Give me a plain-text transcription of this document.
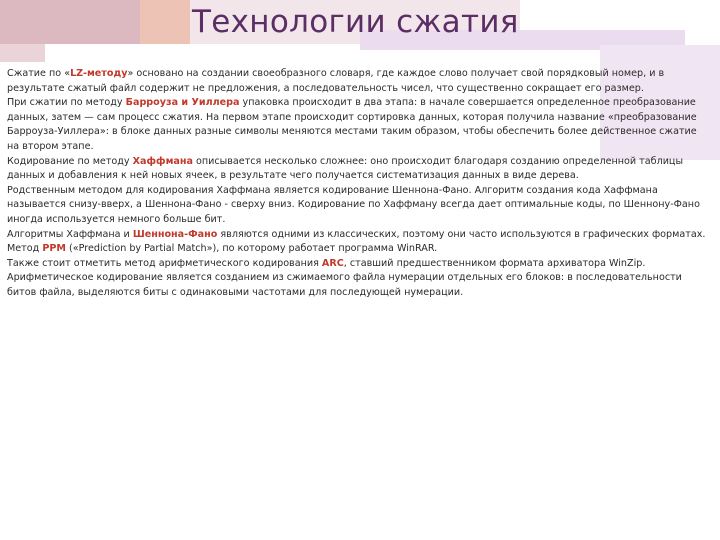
Технологии сжатия

Сжатие по «LZ-методу» основано на создании своеобразного словаря, где каждое слово получает свой порядковый номер, и в результате сжатый файл содержит не предложения, а последовательность чисел, что существенно сокращает его размер.

При сжатии по методу Барроуза и Уиллера упаковка происходит в два этапа: в начале совершается определенное преобразование данных, затем — сам процесс сжатия. На первом этапе происходит сортировка данных, которая получила название «преобразование Барроуза-Уиллера»: в блоке данных разные символы меняются местами таким образом, чтобы обеспечить более действенное сжатие на втором этапе.

Кодирование по методу Хаффмана описывается несколько сложнее: оно происходит благодаря созданию определенной таблицы данных и добавления к ней новых ячеек, в результате чего получается систематизация данных в виде дерева.

Родственным методом для кодирования Хаффмана является кодирование Шеннона-Фано. Алгоритм создания кода Хаффмана называется снизу-вверх, а Шеннона-Фано - сверху вниз. Кодирование по Хаффману всегда дает оптимальные коды, по Шеннону-Фано иногда используется немного больше бит.

Алгоритмы Хаффмана и Шеннона-Фано являются одними из классических, поэтому они часто используются в графических форматах.

Метод PPM («Prediction by Partial Match»), по которому работает программа WinRAR.

Также стоит отметить метод арифметического кодирования ARC, ставший предшественником формата архиватора WinZip.

Арифметическое кодирование является созданием из сжимаемого файла нумерации отдельных его блоков: в последовательности битов файла, выделяются биты с одинаковыми частотами для последующей нумерации.
